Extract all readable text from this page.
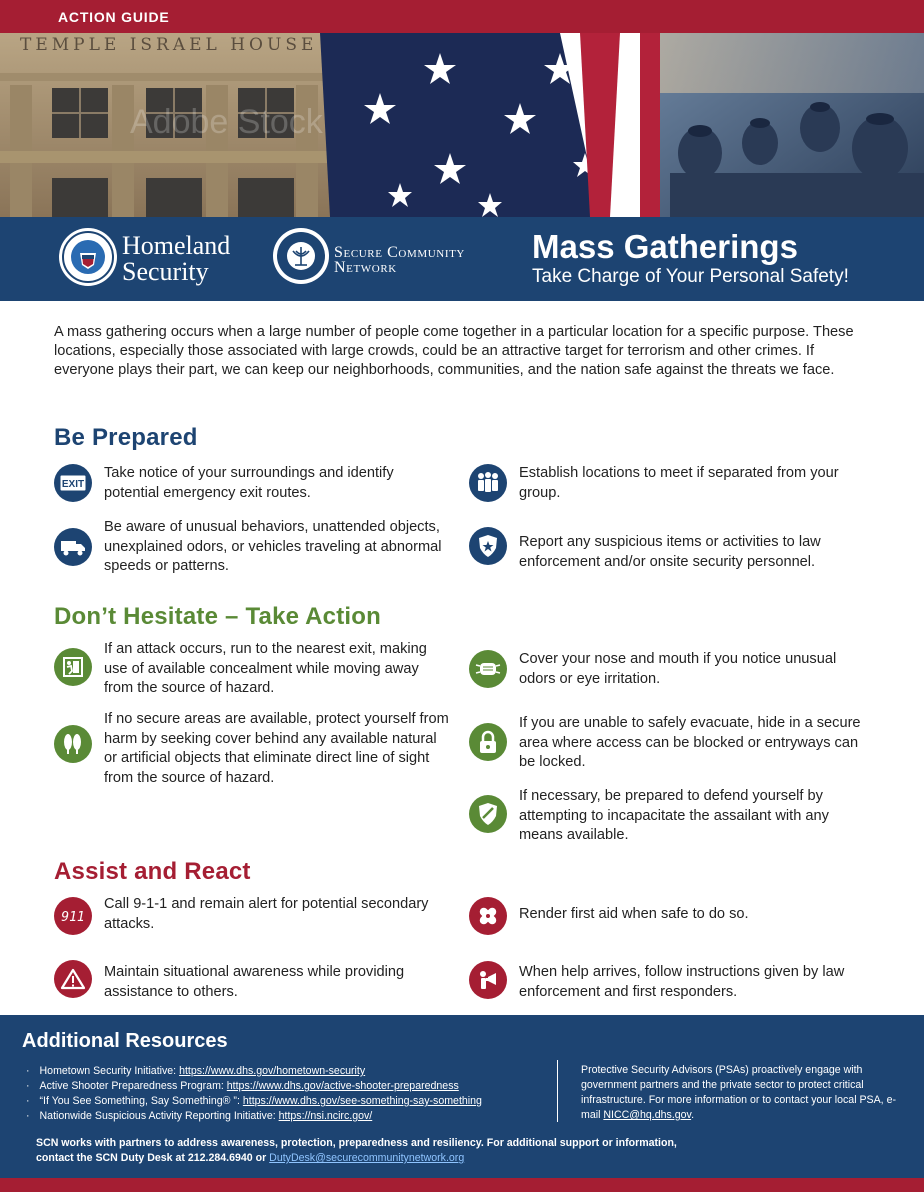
ACTION GUIDE
TEMPLE ISRAEL HOUSE
Adobe Stock
Homeland
Security
Secure Community
Network
Mass Gatherings
Take Charge of Your Personal Safety!

A mass gathering occurs when a large number of people come together in a particular location for a specific purpose. These locations, especially those associated with large crowds, could be an attractive target for terrorism and other crimes. If everyone plays their part, we can keep our neighborhoods, communities, and the nation safe against the threats we face.

Be Prepared
EXIT

Take notice of your surroundings and identify potential emergency exit routes.

Be aware of unusual behaviors, unattended objects, unexplained odors, or vehicles traveling at abnormal speeds or patterns.

Establish locations to meet if separated from your group.

Report any suspicious items or activities to law enforcement and/or onsite security personnel.

Don’t Hesitate – Take Action

If an attack occurs, run to the nearest exit, making use of available concealment while moving away from the source of hazard.

If no secure areas are available, protect yourself from harm by seeking cover behind any available natural or artificial objects that eliminate direct line of sight from the source of hazard.

Cover your nose and mouth if you notice unusual odors or eye irritation.

If you are unable to safely evacuate, hide in a secure area where access can be blocked or entryways can be locked.

If necessary, be prepared to defend yourself by attempting to incapacitate the assailant with any means available.

Assist and React
911

Call 9-1-1 and remain alert for potential secondary attacks.

Maintain situational awareness while providing assistance to others.

Render first aid when safe to do so.

When help arrives, follow instructions given by law enforcement and first responders.

Additional Resources
· Hometown Security Initiative: https://www.dhs.gov/hometown-security
· Active Shooter Preparedness Program: https://www.dhs.gov/active-shooter-preparedness
· “If You See Something, Say Something® ”: https://www.dhs.gov/see-something-say-something
· Nationwide Suspicious Activity Reporting Initiative: https://nsi.ncirc.gov/

Protective Security Advisors (PSAs) proactively engage with government partners and the private sector to protect critical infrastructure. For more information or to contact your local PSA, e-mail NICC@hq.dhs.gov.

SCN works with partners to address awareness, protection, preparedness and resiliency. For additional support or information, contact the SCN Duty Desk at 212.284.6940 or DutyDesk@securecommunitynetwork.org
